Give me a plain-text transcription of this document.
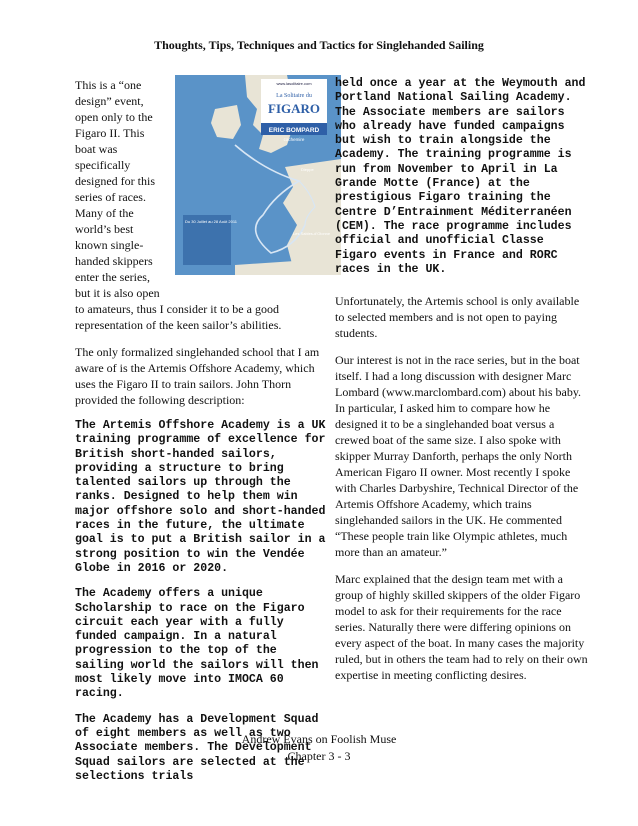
Thoughts, Tips, Techniques and Tactics for Singlehanded Sailing
This is a “one
design” event,
open only to the
Figaro II. This
boat was
specifically
designed for this
series of races.
Many of the
world’s best
known single-
handed skippers
enter the series,
but it is also open

to amateurs, thus I consider it to be a good representation of the keen sailor’s abilities.

www.lasolitaire.com
La Solitaire du
FIGARO
ERIC BOMPARD
cachemire
Du 30 Juillet au 28 Août 2011
Dieppe
Les Sables-d’Olonne

The only formalized singlehanded school that I am aware of is the Artemis Offshore Academy, which uses the Figaro II to train sailors. John Thorn provided the following description:

The Artemis Offshore Academy is a UK training programme of excellence for British short-handed sailors, providing a structure to bring talented sailors up through the ranks. Designed to help them win major offshore solo and short-handed races in the future, the ultimate goal is to put a British sailor in a strong position to win the Vendée Globe in 2016 or 2020.

The Academy offers a unique Scholarship to race on the Figaro circuit each year with a fully funded campaign. In a natural progression to the top of the sailing world the sailors will then most likely move into IMOCA 60 racing.

The Academy has a Development Squad of eight members as well as two Associate members. The Development Squad sailors are selected at the selections trials

held once a year at the Weymouth and Portland National Sailing Academy. The Associate members are sailors who already have funded campaigns but wish to train alongside the Academy. The training programme is run from November to April in La Grande Motte (France) at the prestigious Figaro training the Centre D’Entrainment Méditerranéen (CEM). The race programme includes official and unofficial Classe Figaro events in France and RORC races in the UK.

Unfortunately, the Artemis school is only available to selected members and is not open to paying students.

Our interest is not in the race series, but in the boat itself. I had a long discussion with designer Marc Lombard (www.marclombard.com) about his baby. In particular, I asked him to compare how he designed it to be a singlehanded boat versus a crewed boat of the same size. I also spoke with skipper Murray Danforth, perhaps the only North American Figaro II owner. Most recently I spoke with Charles Darbyshire, Technical Director of the Artemis Offshore Academy, which trains singlehanded sailors in the UK. He commented “These people train like Olympic athletes, much more than an amateur.”

Marc explained that the design team met with a group of highly skilled skippers of the older Figaro model to ask for their requirements for the race series. Naturally there were differing opinions on every aspect of the boat. In many cases the majority ruled, but in others the team had to rely on their own expertise in meeting conflicting desires.

Andrew Evans on Foolish Muse
Chapter 3 - 3
